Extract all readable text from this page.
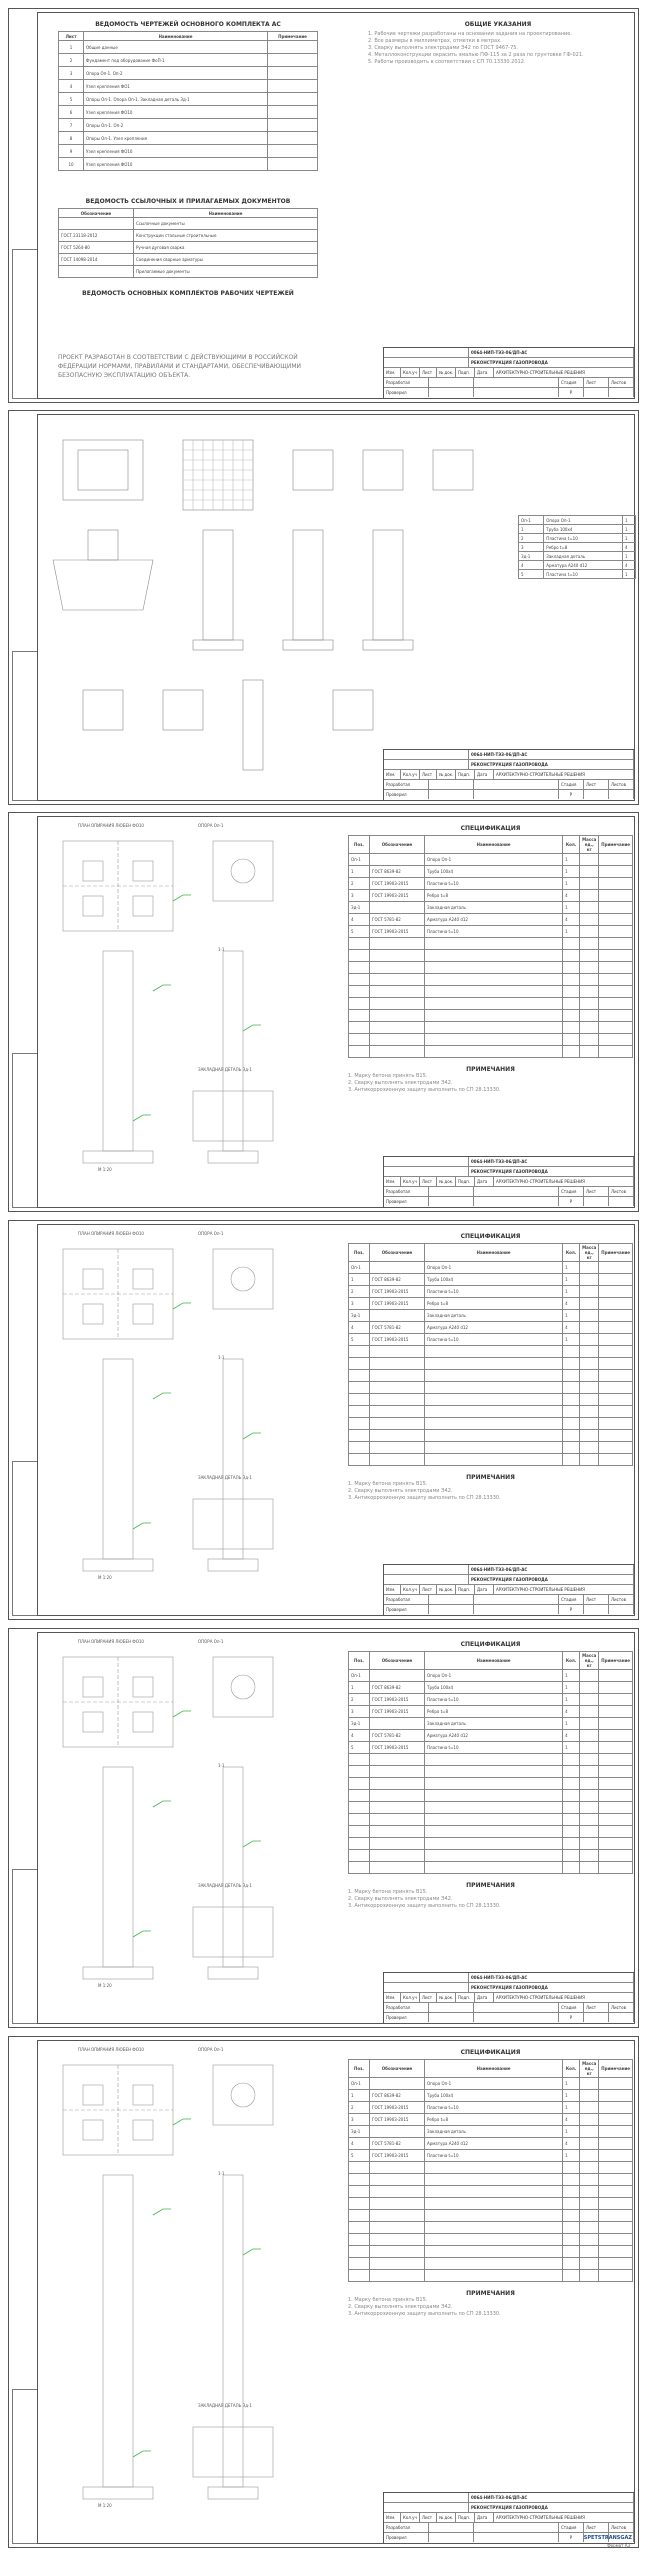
ВЕДОМОСТЬ ЧЕРТЕЖЕЙ ОСНОВНОГО КОМПЛЕКТА АС
Лист	Наименование	Примечание
1	Общие данные	
2	Фундамент под оборудование ФоП-1	
3	Опора Оп-1. Оп-2	
4	Узел крепления ФО1	
5	Опоры Оп-1. Опора Оп-1. Закладная деталь Зд-1	
6	Узел крепления ФО10	
7	Опоры Оп-1. Оп-2	
8	Опоры Оп-1. Узел крепления	
9	Узел крепления ФО10	
10	Узел крепления ФО10	
ВЕДОМОСТЬ ССЫЛОЧНЫХ И ПРИЛАГАЕМЫХ ДОКУМЕНТОВ
Обозначение	Наименование
	Ссылочные документы
ГОСТ 23118-2012	Конструкции стальные строительные
ГОСТ 5264-80	Ручная дуговая сварка
ГОСТ 14098-2014	Соединения сварные арматуры
	Прилагаемые документы
ВЕДОМОСТЬ ОСНОВНЫХ КОМПЛЕКТОВ РАБОЧИХ ЧЕРТЕЖЕЙ
ПРОЕКТ РАЗРАБОТАН В СООТВЕТСТВИИ С ДЕЙСТВУЮЩИМИ В РОССИЙСКОЙ ФЕДЕРАЦИИ НОРМАМИ, ПРАВИЛАМИ И СТАНДАРТАМИ, ОБЕСПЕЧИВАЮЩИМИ БЕЗОПАСНУЮ ЭКСПЛУАТАЦИЮ ОБЪЕКТА.
ОБЩИЕ УКАЗАНИЯ
1. Рабочие чертежи разработаны на основании задания на проектирование.
2. Все размеры в миллиметрах, отметки в метрах.
3. Сварку выполнять электродами Э42 по ГОСТ 9467-75.
4. Металлоконструкции окрасить эмалью ПФ-115 за 2 раза по грунтовке ГФ-021.
5. Работы производить в соответствии с СП 70.13330.2012.
0064-НИП-ТЭЗ-06/ДП-АС
РЕКОНСТРУКЦИЯ ГАЗОПРОВОДА
Изм.	Кол.уч	Лист	№ док.	Подп.	Дата	АРХИТЕКТУРНО-СТРОИТЕЛЬНЫЕ РЕШЕНИЯ
Разработал	Стадия	Лист	Листов
Проверил	Р
Оп-1	Опора Оп-1	1
1	Труба 100x4	1
2	Пластина t=10	1
3	Ребро t=8	4
Зд-1	Закладная деталь	1
4	Арматура А240 d12	4
5	Пластина t=10	1
0064-НИП-ТЭЗ-06/ДП-АС
РЕКОНСТРУКЦИЯ ГАЗОПРОВОДА
Изм.	Кол.уч	Лист	№ док.	Подп.	Дата	АРХИТЕКТУРНО-СТРОИТЕЛЬНЫЕ РЕШЕНИЯ
Разработал	Стадия	Лист	Листов
Проверил	Р
ПЛАН ОПИРАНИЯ ЛЮБЕН ФО10	ОПОРА Оп-1
1-1
ЗАКЛАДНАЯ ДЕТАЛЬ Зд-1
М 1:20
СПЕЦИФИКАЦИЯ
Поз.	Обозначение	Наименование	Кол.	Масса ед., кг	Примечание
Оп-1		Опора Оп-1	1		
1	ГОСТ 8639-82	Труба 100x4	1		
2	ГОСТ 19903-2015	Пластина t=10	1		
3	ГОСТ 19903-2015	Ребро t=8	4		
Зд-1		Закладная деталь	1		
4	ГОСТ 5781-82	Арматура А240 d12	4		
5	ГОСТ 19903-2015	Пластина t=10	1		

ПРИМЕЧАНИЯ
1. Марку бетона принять B15.
2. Сварку выполнять электродами Э42.
3. Антикоррозионную защиту выполнить по СП 28.13330.
0064-НИП-ТЭЗ-06/ДП-АС
РЕКОНСТРУКЦИЯ ГАЗОПРОВОДА
Изм.	Кол.уч	Лист	№ док.	Подп.	Дата	АРХИТЕКТУРНО-СТРОИТЕЛЬНЫЕ РЕШЕНИЯ
Разработал	Стадия	Лист	Листов
Проверил	Р
ПЛАН ОПИРАНИЯ ЛЮБЕН ФО10	ОПОРА Оп-1
1-1
ЗАКЛАДНАЯ ДЕТАЛЬ Зд-1
М 1:20
СПЕЦИФИКАЦИЯ
Поз.	Обозначение	Наименование	Кол.	Масса ед., кг	Примечание
Оп-1		Опора Оп-1	1		
1	ГОСТ 8639-82	Труба 100x4	1		
2	ГОСТ 19903-2015	Пластина t=10	1		
3	ГОСТ 19903-2015	Ребро t=8	4		
Зд-1		Закладная деталь	1		
4	ГОСТ 5781-82	Арматура А240 d12	4		
5	ГОСТ 19903-2015	Пластина t=10	1		

ПРИМЕЧАНИЯ
1. Марку бетона принять B15.
2. Сварку выполнять электродами Э42.
3. Антикоррозионную защиту выполнить по СП 28.13330.
0064-НИП-ТЭЗ-06/ДП-АС
РЕКОНСТРУКЦИЯ ГАЗОПРОВОДА
Изм.	Кол.уч	Лист	№ док.	Подп.	Дата	АРХИТЕКТУРНО-СТРОИТЕЛЬНЫЕ РЕШЕНИЯ
Разработал	Стадия	Лист	Листов
Проверил	Р
ПЛАН ОПИРАНИЯ ЛЮБЕН ФО10	ОПОРА Оп-1
1-1
ЗАКЛАДНАЯ ДЕТАЛЬ Зд-1
М 1:20
СПЕЦИФИКАЦИЯ
Поз.	Обозначение	Наименование	Кол.	Масса ед., кг	Примечание
Оп-1		Опора Оп-1	1		
1	ГОСТ 8639-82	Труба 100x4	1		
2	ГОСТ 19903-2015	Пластина t=10	1		
3	ГОСТ 19903-2015	Ребро t=8	4		
Зд-1		Закладная деталь	1		
4	ГОСТ 5781-82	Арматура А240 d12	4		
5	ГОСТ 19903-2015	Пластина t=10	1		

ПРИМЕЧАНИЯ
1. Марку бетона принять B15.
2. Сварку выполнять электродами Э42.
3. Антикоррозионную защиту выполнить по СП 28.13330.
0064-НИП-ТЭЗ-06/ДП-АС
РЕКОНСТРУКЦИЯ ГАЗОПРОВОДА
Изм.	Кол.уч	Лист	№ док.	Подп.	Дата	АРХИТЕКТУРНО-СТРОИТЕЛЬНЫЕ РЕШЕНИЯ
Разработал	Стадия	Лист	Листов
Проверил	Р
ПЛАН ОПИРАНИЯ ЛЮБЕН ФО10	ОПОРА Оп-1
1-1
ЗАКЛАДНАЯ ДЕТАЛЬ Зд-1
М 1:20
СПЕЦИФИКАЦИЯ
Поз.	Обозначение	Наименование	Кол.	Масса ед., кг	Примечание
Оп-1		Опора Оп-1	1		
1	ГОСТ 8639-82	Труба 100x4	1		
2	ГОСТ 19903-2015	Пластина t=10	1		
3	ГОСТ 19903-2015	Ребро t=8	4		
Зд-1		Закладная деталь	1		
4	ГОСТ 5781-82	Арматура А240 d12	4		
5	ГОСТ 19903-2015	Пластина t=10	1		

ПРИМЕЧАНИЯ
1. Марку бетона принять B15.
2. Сварку выполнять электродами Э42.
3. Антикоррозионную защиту выполнить по СП 28.13330.
0064-НИП-ТЭЗ-06/ДП-АС
РЕКОНСТРУКЦИЯ ГАЗОПРОВОДА
Изм.	Кол.уч	Лист	№ док.	Подп.	Дата	АРХИТЕКТУРНО-СТРОИТЕЛЬНЫЕ РЕШЕНИЯ
Разработал	Стадия	Лист	Листов
Проверил	Р	SPETSTRANSGAZ
Формат А3
